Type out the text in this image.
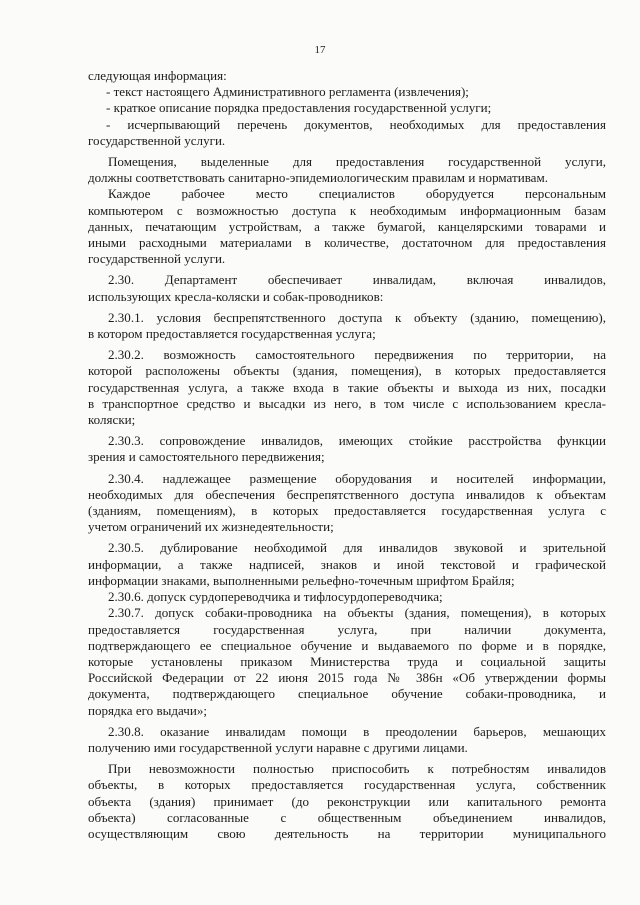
17
следующая информация:
- текст настоящего Административного регламента (извлечения);
- краткое описание порядка предоставления государственной услуги;
- исчерпывающий перечень документов, необходимых для предоставления
государственной услуги.
Помещения, выделенные для предоставления государственной услуги,
должны соответствовать санитарно-эпидемиологическим правилам и нормативам.
Каждое рабочее место специалистов оборудуется персональным
компьютером с возможностью доступа к необходимым информационным базам
данных, печатающим устройствам, а также бумагой, канцелярскими товарами и
иными расходными материалами в количестве, достаточном для предоставления
государственной услуги.
2.30. Департамент обеспечивает инвалидам, включая инвалидов,
использующих кресла-коляски и собак-проводников:
2.30.1. условия беспрепятственного доступа к объекту (зданию, помещению),
в котором предоставляется государственная услуга;
2.30.2. возможность самостоятельного передвижения по территории, на
которой расположены объекты (здания, помещения), в которых предоставляется
государственная услуга, а также входа в такие объекты и выхода из них, посадки
в транспортное средство и высадки из него, в том числе с использованием кресла-
коляски;
2.30.3. сопровождение инвалидов, имеющих стойкие расстройства функции
зрения и самостоятельного передвижения;
2.30.4. надлежащее размещение оборудования и носителей информации,
необходимых для обеспечения беспрепятственного доступа инвалидов к объектам
(зданиям, помещениям), в которых предоставляется государственная услуга с
учетом ограничений их жизнедеятельности;
2.30.5. дублирование необходимой для инвалидов звуковой и зрительной
информации, а также надписей, знаков и иной текстовой и графической
информации знаками, выполненными рельефно-точечным шрифтом Брайля;
2.30.6. допуск сурдопереводчика и тифлосурдопереводчика;
2.30.7. допуск собаки-проводника на объекты (здания, помещения), в которых
предоставляется государственная услуга, при наличии документа,
подтверждающего ее специальное обучение и выдаваемого по форме и в порядке,
которые установлены приказом Министерства труда и социальной защиты
Российской Федерации от 22 июня 2015 года № 386н «Об утверждении формы
документа, подтверждающего специальное обучение собаки-проводника, и
порядка его выдачи»;
2.30.8. оказание инвалидам помощи в преодолении барьеров, мешающих
получению ими государственной услуги наравне с другими лицами.
При невозможности полностью приспособить к потребностям инвалидов
объекты, в которых предоставляется государственная услуга, собственник
объекта (здания) принимает (до реконструкции или капитального ремонта
объекта) согласованные с общественным объединением инвалидов,
осуществляющим свою деятельность на территории муниципального
